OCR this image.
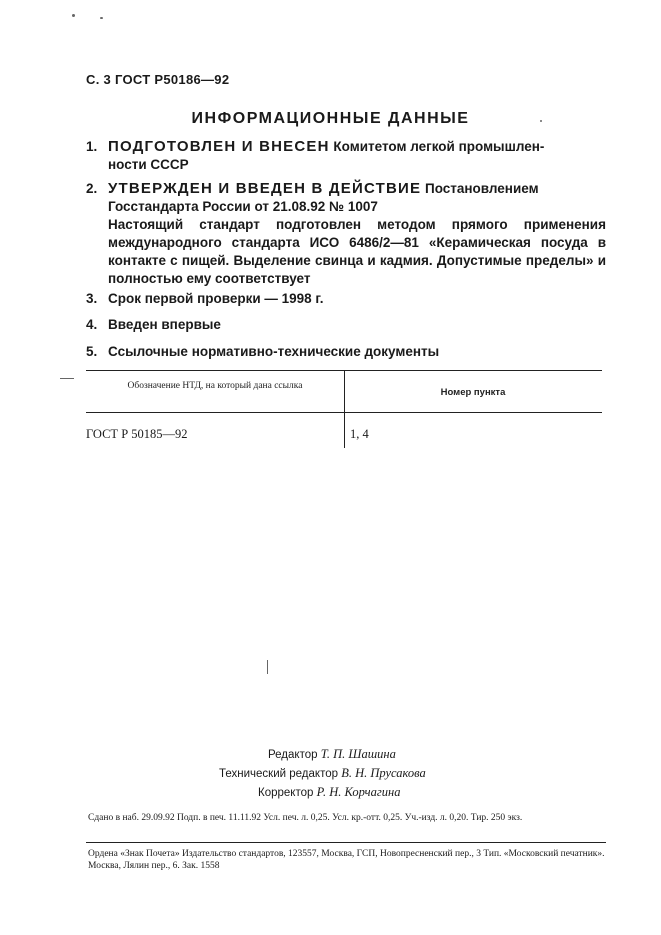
С. 3 ГОСТ Р50186—92
ИНФОРМАЦИОННЫЕ ДАННЫЕ
1. ПОДГОТОВЛЕН И ВНЕСЕН Комитетом легкой промышлен-
ности СССР
2. УТВЕРЖДЕН И ВВЕДЕН В ДЕЙСТВИЕ Постановлением
Госстандарта России от 21.08.92 № 1007
Настоящий стандарт подготовлен методом прямого применения международного стандарта ИСО 6486/2—81 «Керамическая посуда в контакте с пищей. Выделение свинца и кадмия. Допустимые пределы» и полностью ему соответствует
3. Срок первой проверки — 1998 г.
4. Введен впервые
5. Ссылочные нормативно-технические документы
Обозначение НТД, на который дана ссылка
Номер пункта
ГОСТ Р 50185—92	1, 4
Редактор Т. П. Шашина
Технический редактор В. Н. Прусакова
Корректор Р. Н. Корчагина
Сдано в наб. 29.09.92 Подп. в печ. 11.11.92 Усл. печ. л. 0,25. Усл. кр.-отт. 0,25. Уч.-изд. л. 0,20. Тир. 250 экз.
Ордена «Знак Почета» Издательство стандартов, 123557, Москва, ГСП, Новопресненский пер., 3 Тип. «Московский печатник». Москва, Лялин пер., 6. Зак. 1558
